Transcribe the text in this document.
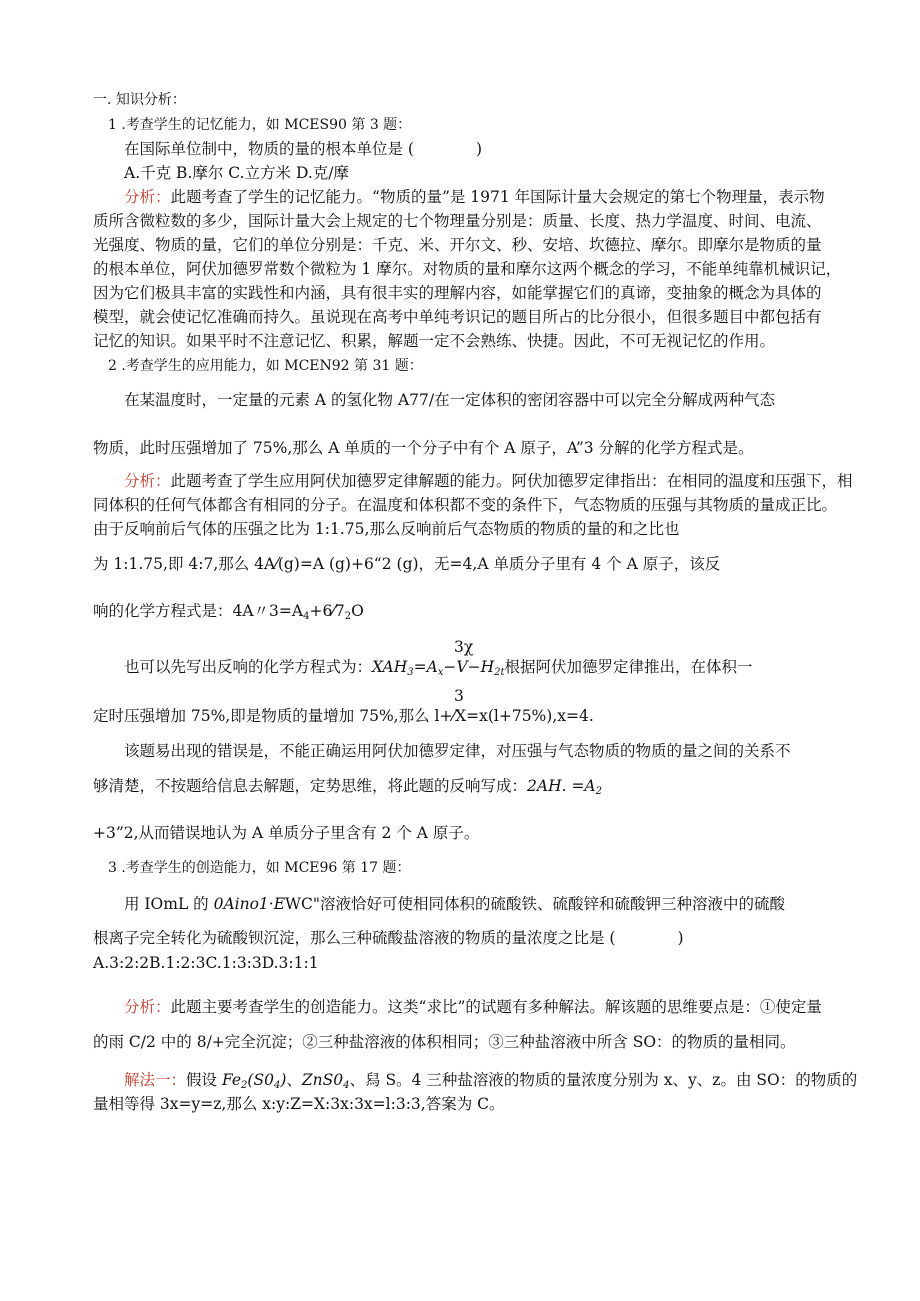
一. 知识分析：
1 .考查学生的记忆能力，如 MCES90 第 3 题：
在国际单位制中，物质的量的根本单位是 (　　　　)
A.千克 B.摩尔 C.立方米 D.克/摩
分析：此题考查了学生的记忆能力。“物质的量”是 1971 年国际计量大会规定的第七个物理量，表示物
质所含微粒数的多少，国际计量大会上规定的七个物理量分别是：质量、长度、热力学温度、时间、电流、
光强度、物质的量，它们的单位分别是：千克、米、开尔文、秒、安培、坎德拉、摩尔。即摩尔是物质的量
的根本单位，阿伏加德罗常数个微粒为 1 摩尔。对物质的量和摩尔这两个概念的学习，不能单纯靠机械识记，
因为它们极具丰富的实践性和内涵，具有很丰实的理解内容，如能掌握它们的真谛，变抽象的概念为具体的
模型，就会使记忆准确而持久。虽说现在高考中单纯考识记的题目所占的比分很小，但很多题目中都包括有
记忆的知识。如果平时不注意记忆、积累，解题一定不会熟练、快捷。因此，不可无视记忆的作用。
2 .考查学生的应用能力，如 MCEN92 第 31 题：
在某温度时，一定量的元素 A 的氢化物 A77/在一定体积的密闭容器中可以完全分解成两种气态
物质，此时压强增加了 75%,那么 A 单质的一个分子中有个 A 原子，A”3 分解的化学方程式是。
分析：此题考查了学生应用阿伏加德罗定律解题的能力。阿伏加德罗定律指出：在相同的温度和压强下，相
同体积的任何气体都含有相同的分子。在温度和体积都不变的条件下，气态物质的压强与其物质的量成正比。
由于反响前后气体的压强之比为 1:1.75,那么反响前后气态物质的物质的量的和之比也
为 1:1.75,即 4:7,那么 4A⁄(g)=A (g)+6“2 (g)，无=4,A 单质分子里有 4 个 A 原子，该反
响的化学方程式是：4A〃$3=A_4+6⁄7_2O$
3χ
也可以先写出反响的化学方程式为：$XAH_3=A_x-V-H_{2t}$根据阿伏加德罗定律推出，在体积一
3
定时压强增加 75%,即是物质的量增加 75%,那么 l+⁄X=x(l+75%),x=4.
该题易出现的错误是，不能正确运用阿伏加德罗定律，对压强与气态物质的物质的量之间的关系不
够清楚，不按题给信息去解题，定势思维，将此题的反响写成：2AH. $=A_2$
+3”2,从而错误地认为 A 单质分子里含有 2 个 A 原子。
3 .考查学生的创造能力，如 MCE96 第 17 题：
用 IOmL 的 0Aino1·EWC"溶液恰好可使相同体积的硫酸铁、硫酸锌和硫酸钾三种溶液中的硫酸
根离子完全转化为硫酸钡沉淀，那么三种硫酸盐溶液的物质的量浓度之比是 (　　　　)
A.3:2:2B.1:2:3C.1:3:3D.3:1:1
分析：此题主要考查学生的创造能力。这类“求比”的试题有多种解法。解该题的思维要点是：①使定量
的雨 C/2 中的 8/+完全沉淀；②三种盐溶液的体积相同；③三种盐溶液中所含 SO：的物质的量相同。
解法一：假设 $Fe_2(S0_4)$、$ZnS0_4$、舄 S。4 三种盐溶液的物质的量浓度分别为 x、y、z。由 SO：的物质的
量相等得 3x=y=z,那么 x:y:Z=X:3x:3x=l:3:3,答案为 C。
